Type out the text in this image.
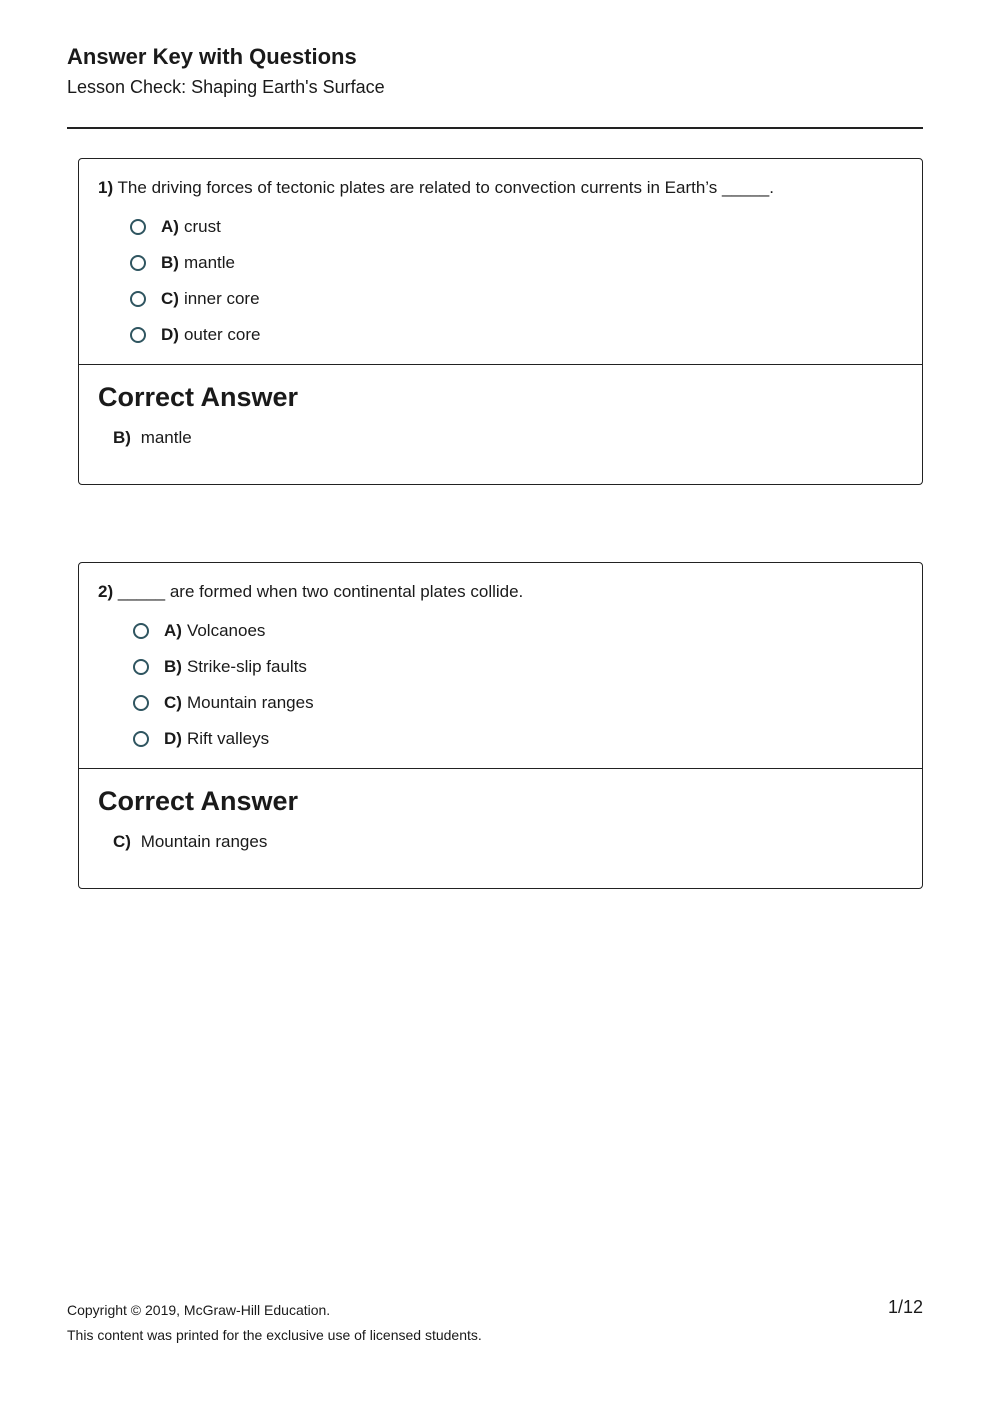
Answer Key with Questions
Lesson Check: Shaping Earth's Surface

1) The driving forces of tectonic plates are related to convection currents in Earth’s _____.

A) crust
B) mantle
C) inner core
D) outer core
Correct Answer
B) mantle

2) _____ are formed when two continental plates collide.

A) Volcanoes
B) Strike-slip faults
C) Mountain ranges
D) Rift valleys
Correct Answer
C) Mountain ranges
Copyright © 2019, McGraw-Hill Education.
This content was printed for the exclusive use of licensed students.
1/12
